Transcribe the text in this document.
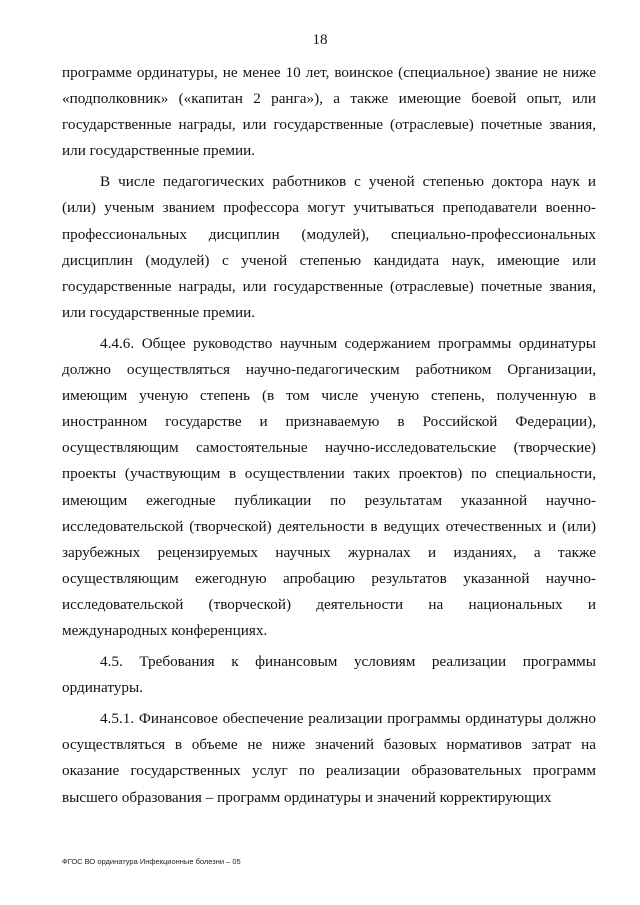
18

программе ординатуры, не менее 10 лет, воинское (специальное) звание не ниже «подполковник» («капитан 2 ранга»), а также имеющие боевой опыт, или государственные награды, или государственные (отраслевые) почетные звания, или государственные премии.

В числе педагогических работников с ученой степенью доктора наук и (или) ученым званием профессора могут учитываться преподаватели военно-профессиональных дисциплин (модулей), специально-профессиональных дисциплин (модулей) с ученой степенью кандидата наук, имеющие или государственные награды, или государственные (отраслевые) почетные звания, или государственные премии.

4.4.6. Общее руководство научным содержанием программы ординатуры должно осуществляться научно-педагогическим работником Организации, имеющим ученую степень (в том числе ученую степень, полученную в иностранном государстве и признаваемую в Российской Федерации), осуществляющим самостоятельные научно-исследовательские (творческие) проекты (участвующим в осуществлении таких проектов) по специальности, имеющим ежегодные публикации по результатам указанной научно-исследовательской (творческой) деятельности в ведущих отечественных и (или) зарубежных рецензируемых научных журналах и изданиях, а также осуществляющим ежегодную апробацию результатов указанной научно-исследовательской (творческой) деятельности на национальных и международных конференциях.

4.5. Требования к финансовым условиям реализации программы ординатуры.

4.5.1. Финансовое обеспечение реализации программы ординатуры должно осуществляться в объеме не ниже значений базовых нормативов затрат на оказание государственных услуг по реализации образовательных программ высшего образования – программ ординатуры и значений корректирующих

ФГОС ВО ординатура Инфекционные болезни – 05
